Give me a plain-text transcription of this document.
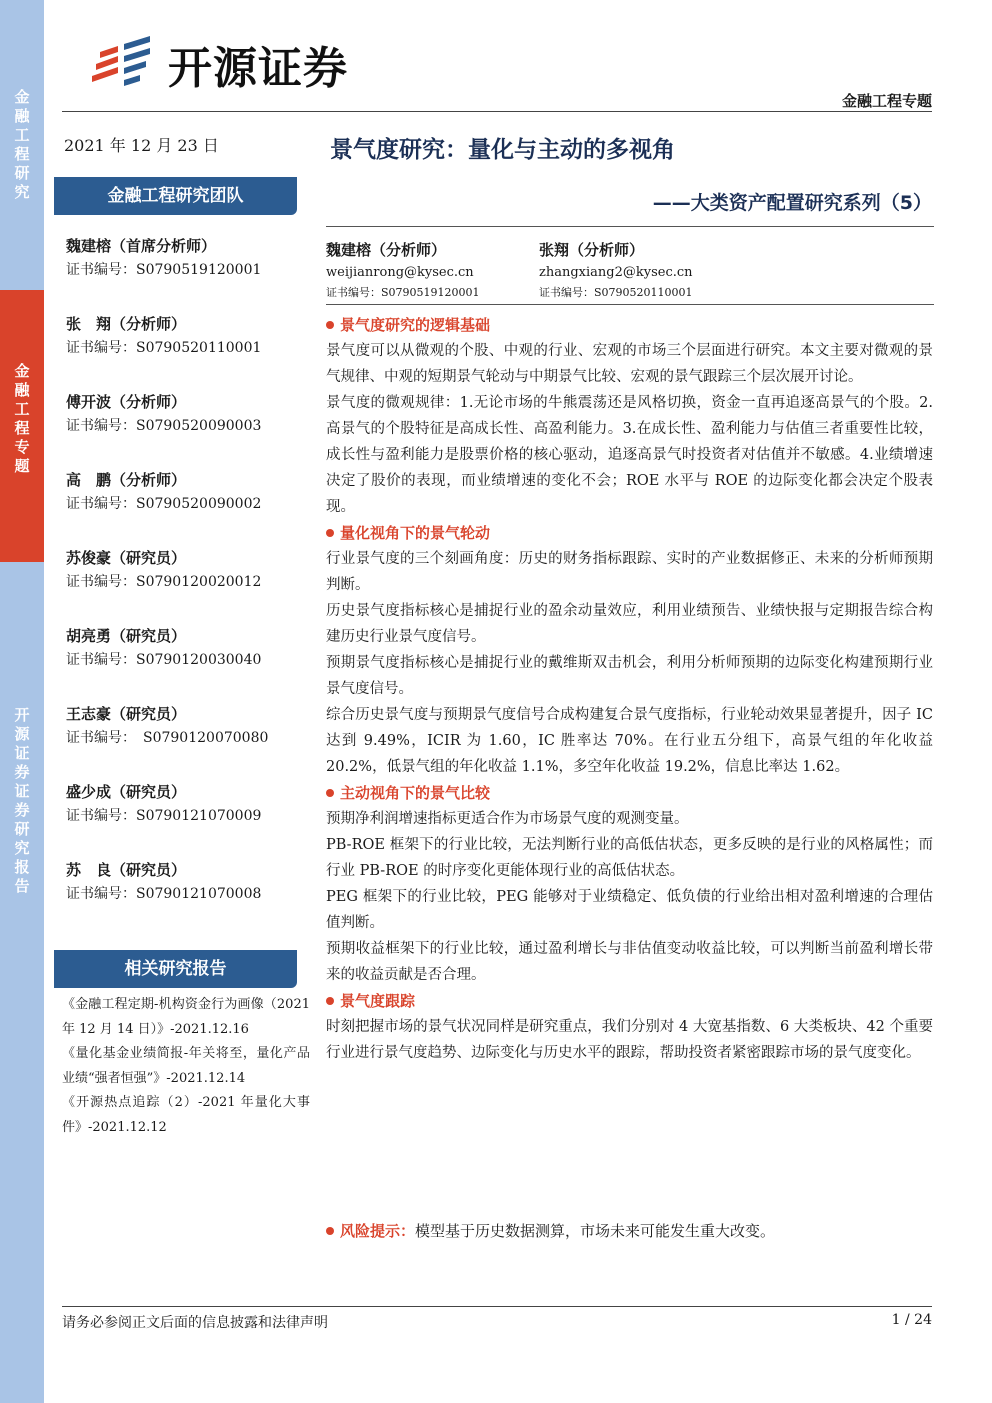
金融工程研究
金融工程专题
开源证券证券研究报告
开源证券
金融工程专题
2021 年 12 月 23 日
金融工程研究团队
魏建榕（首席分析师）
证书编号：S0790519120001
张　翔（分析师）
证书编号：S0790520110001
傅开波（分析师）
证书编号：S0790520090003
高　鹏（分析师）
证书编号：S0790520090002
苏俊豪（研究员）
证书编号：S0790120020012
胡亮勇（研究员）
证书编号：S0790120030040
王志豪（研究员）
证书编号：　S0790120070080
盛少成（研究员）
证书编号：S0790121070009
苏　良（研究员）
证书编号：S0790121070008
相关研究报告
《金融工程定期-机构资金行为画像（2021 年 12 月 14 日）》-2021.12.16
《量化基金业绩简报-年关将至，量化产品业绩“强者恒强”》-2021.12.14
《开源热点追踪（2）-2021 年量化大事件》-2021.12.12
景气度研究：量化与主动的多视角
——大类资产配置研究系列（5）
魏建榕（分析师）
weijianrong@kysec.cn
证书编号：S0790519120001
张翔（分析师）
zhangxiang2@kysec.cn
证书编号：S0790520110001
景气度研究的逻辑基础

景气度可以从微观的个股、中观的行业、宏观的市场三个层面进行研究。本文主要对微观的景气规律、中观的短期景气轮动与中期景气比较、宏观的景气跟踪三个层次展开讨论。

景气度的微观规律：1.无论市场的牛熊震荡还是风格切换，资金一直再追逐高景气的个股。2.高景气的个股特征是高成长性、高盈利能力。3.在成长性、盈利能力与估值三者重要性比较，成长性与盈利能力是股票价格的核心驱动，追逐高景气时投资者对估值并不敏感。4.业绩增速决定了股价的表现，而业绩增速的变化不会；ROE 水平与 ROE 的边际变化都会决定个股表现。

量化视角下的景气轮动

行业景气度的三个刻画角度：历史的财务指标跟踪、实时的产业数据修正、未来的分析师预期判断。

历史景气度指标核心是捕捉行业的盈余动量效应，利用业绩预告、业绩快报与定期报告综合构建历史行业景气度信号。

预期景气度指标核心是捕捉行业的戴维斯双击机会，利用分析师预期的边际变化构建预期行业景气度信号。

综合历史景气度与预期景气度信号合成构建复合景气度指标，行业轮动效果显著提升，因子 IC 达到 9.49%，ICIR 为 1.60，IC 胜率达 70%。在行业五分组下，高景气组的年化收益 20.2%，低景气组的年化收益 1.1%，多空年化收益 19.2%，信息比率达 1.62。

主动视角下的景气比较

预期净利润增速指标更适合作为市场景气度的观测变量。

PB-ROE 框架下的行业比较，无法判断行业的高低估状态，更多反映的是行业的风格属性；而行业 PB-ROE 的时序变化更能体现行业的高低估状态。

PEG 框架下的行业比较，PEG 能够对于业绩稳定、低负债的行业给出相对盈利增速的合理估值判断。

预期收益框架下的行业比较，通过盈利增长与非估值变动收益比较，可以判断当前盈利增长带来的收益贡献是否合理。

景气度跟踪

时刻把握市场的景气状况同样是研究重点，我们分别对 4 大宽基指数、6 大类板块、42 个重要行业进行景气度趋势、边际变化与历史水平的跟踪，帮助投资者紧密跟踪市场的景气度变化。

风险提示：模型基于历史数据测算，市场未来可能发生重大改变。
请务必参阅正文后面的信息披露和法律声明	1 / 24
